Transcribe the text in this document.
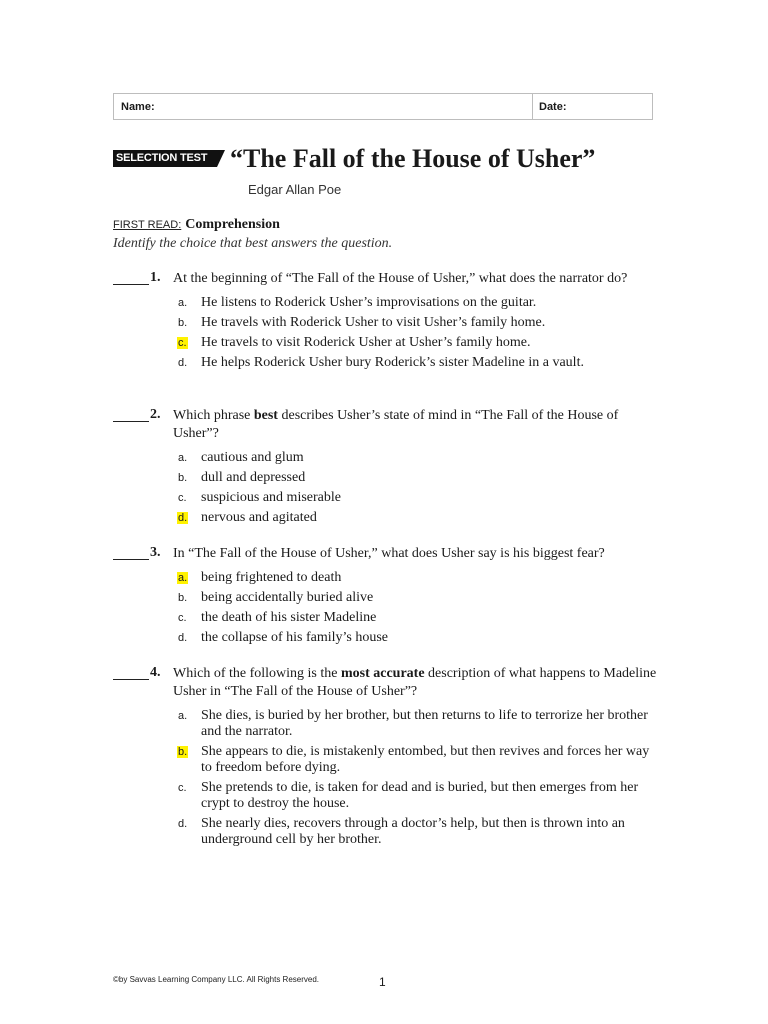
Name:	Date:
SELECTION TEST “The Fall of the House of Usher”
Edgar Allan Poe
FIRST READ: Comprehension
Identify the choice that best answers the question.
1. At the beginning of “The Fall of the House of Usher,” what does the narrator do?
a. He listens to Roderick Usher’s improvisations on the guitar.
b. He travels with Roderick Usher to visit Usher’s family home.
c.	He travels to visit Roderick Usher at Usher’s family home.
d. He helps Roderick Usher bury Roderick’s sister Madeline in a vault.
2. Which phrase best describes Usher’s state of mind in “The Fall of the House of Usher”?
a. cautious and glum
b. dull and depressed
c.	suspicious and miserable
d. nervous and agitated
3. In “The Fall of the House of Usher,” what does Usher say is his biggest fear?
a. being frightened to death
b. being accidentally buried alive
c.	the death of his sister Madeline
d. the collapse of his family’s house
4. Which of the following is the most accurate description of what happens to Madeline Usher in “The Fall of the House of Usher”?
a. She dies, is buried by her brother, but then returns to life to terrorize her brother and the narrator.
b. She appears to die, is mistakenly entombed, but then revives and forces her way to freedom before dying.
c.	She pretends to die, is taken for dead and is buried, but then emerges from her crypt to destroy the house.
d. She nearly dies, recovers through a doctor’s help, but then is thrown into an underground cell by her brother.
©by Savvas Learning Company LLC. All Rights Reserved.	1
